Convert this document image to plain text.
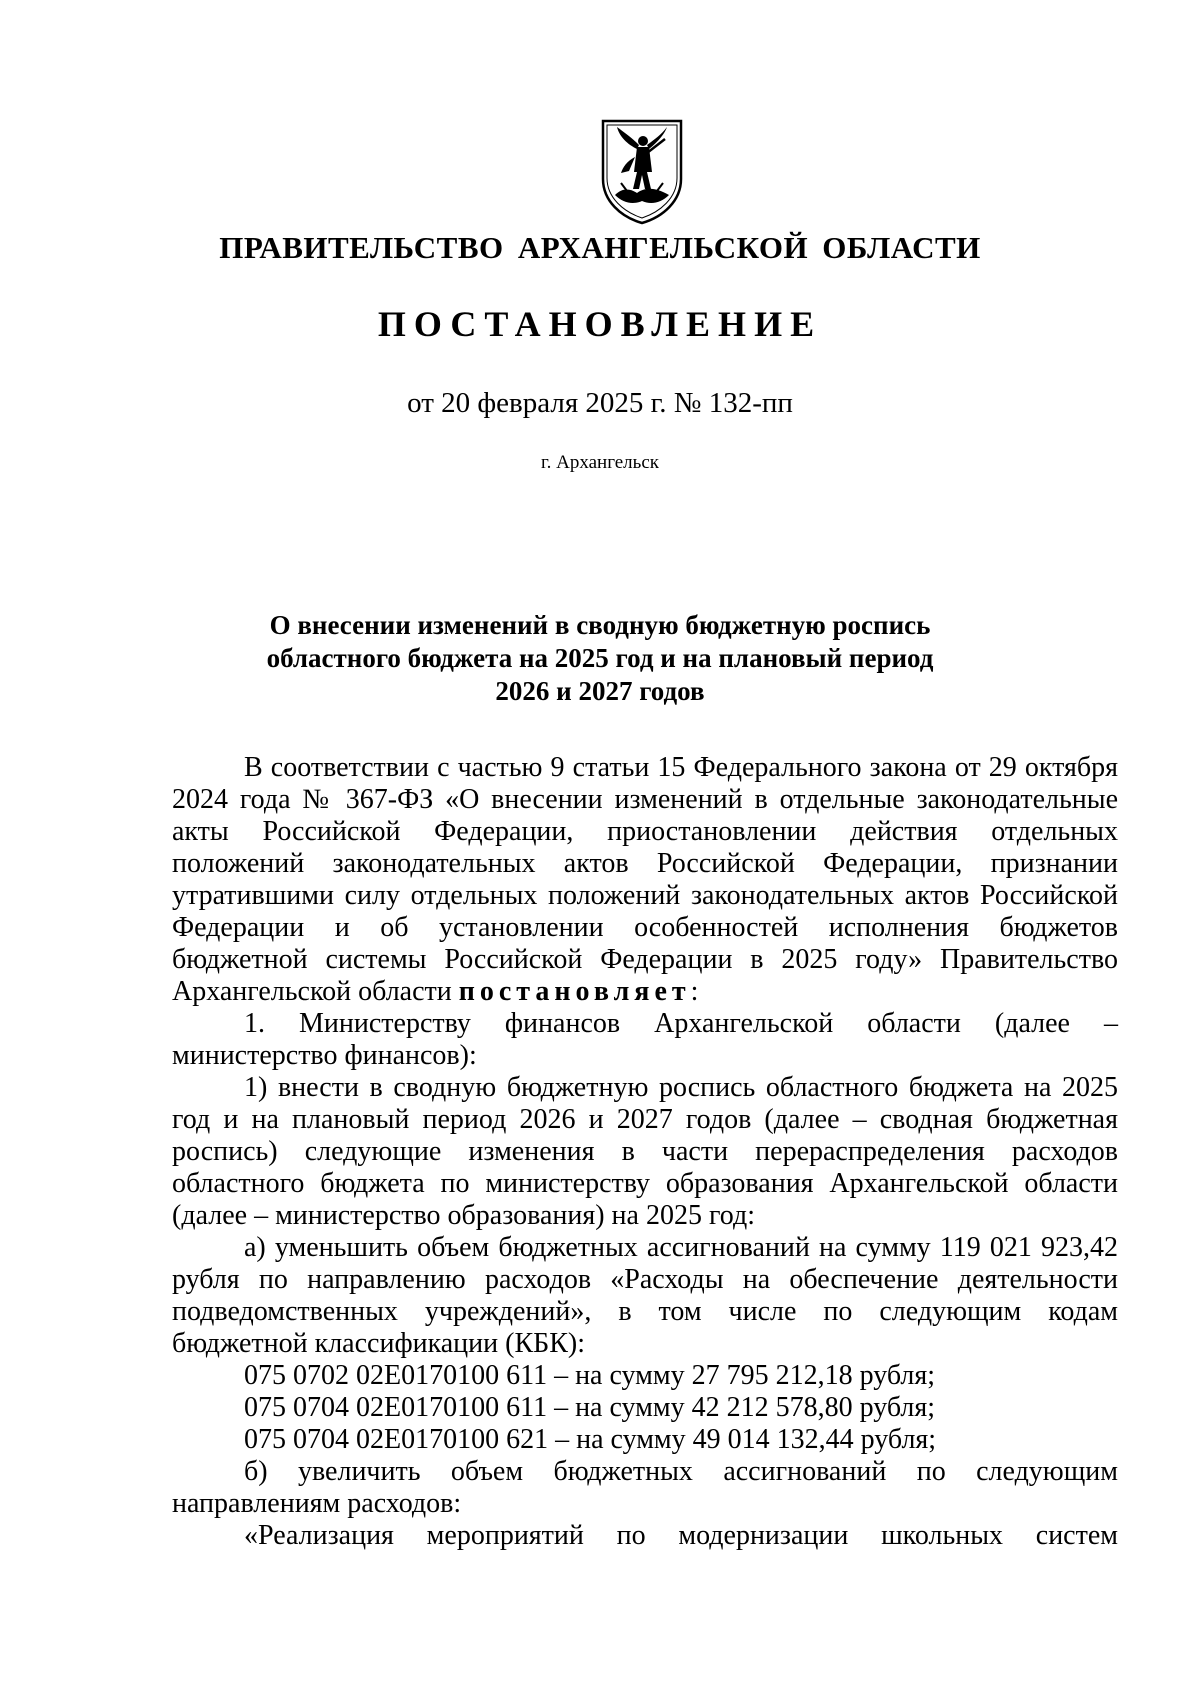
ПРАВИТЕЛЬСТВО АРХАНГЕЛЬСКОЙ ОБЛАСТИ
ПОСТАНОВЛЕНИЕ
от 20 февраля 2025 г. № 132-пп
г. Архангельск
О внесении изменений в сводную бюджетную роспись
областного бюджета на 2025 год и на плановый период
2026 и 2027 годов

В соответствии с частью 9 статьи 15 Федерального закона от 29 октября 2024 года № 367-ФЗ «О внесении изменений в отдельные законодательные акты Российской Федерации, приостановлении действия отдельных положений законодательных актов Российской Федерации, признании утратившими силу отдельных положений законодательных актов Российской Федерации и об установлении особенностей исполнения бюджетов бюджетной системы Российской Федерации в 2025 году» Правительство Архангельской области постановляет:

1. Министерству финансов Архангельской области (далее – министерство финансов):

1) внести в сводную бюджетную роспись областного бюджета на 2025 год и на плановый период 2026 и 2027 годов (далее – сводная бюджетная роспись) следующие изменения в части перераспределения расходов областного бюджета по министерству образования Архангельской области (далее – министерство образования) на 2025 год:

а) уменьшить объем бюджетных ассигнований на сумму 119 021 923,42 рубля по направлению расходов «Расходы на обеспечение деятельности подведомственных учреждений», в том числе по следующим кодам бюджетной классификации (КБК):

075 0702 02Е0170100 611 – на сумму 27 795 212,18 рубля;

075 0704 02Е0170100 611 – на сумму 42 212 578,80 рубля;

075 0704 02Е0170100 621 – на сумму 49 014 132,44 рубля;

б) увеличить объем бюджетных ассигнований по следующим направлениям расходов:

«Реализация мероприятий по модернизации школьных систем
